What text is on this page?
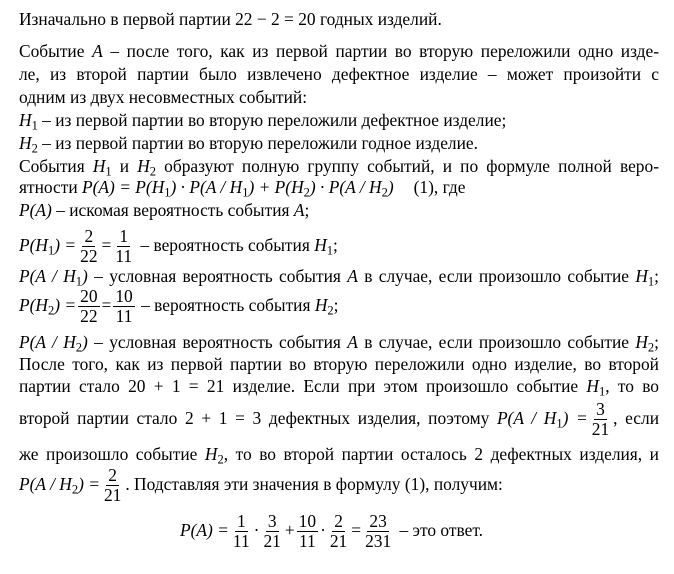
Изначально в первой партии 22 − 2 = 20 годных изделий.
Событие A – после того, как из первой партии во вторую переложили одно изде-
ле, из второй партии было извлечено дефектное изделие – может произойти с
одним из двух несовместных событий:
$H_1$ – из первой партии во вторую переложили дефектное изделие;
$H_2$ – из первой партии во вторую переложили годное изделие.
События $H_1$ и $H_2$ образуют полную группу событий, и по формуле полной веро-
ятности $P(A) = P(H_1) \cdot P(A / H_1) + P(H_2) \cdot P(A / H_2)$ (1), где
P(A) – искомая вероятность события A;
$P(H_1) = \frac{2}{22} = \frac{1}{11}$ – вероятность события $H_1$;
$P(A / H_1)$ – условная вероятность события A в случае, если произошло событие $H_1$;
$P(H_2) = \frac{20}{22} = \frac{10}{11}$ – вероятность события $H_2$;
$P(A / H_2)$ – условная вероятность события A в случае, если произошло событие $H_2$;
После того, как из первой партии во вторую переложили одно изделие, во второй
партии стало 20 + 1 = 21 изделие. Если при этом произошло событие $H_1$, то во
второй партии стало 2 + 1 = 3 дефектных изделия, поэтому $P(A / H_1) = \frac{3}{21}$ , если
же произошло событие $H_2$, то во второй партии осталось 2 дефектных изделия, и
$P(A / H_2) = \frac{2}{21}$ . Подставляя эти значения в формулу (1), получим:
$P(A) = \frac{1}{11} \cdot \frac{3}{21} + \frac{10}{11} \cdot \frac{2}{21} = \frac{23}{231}$ – это ответ.
